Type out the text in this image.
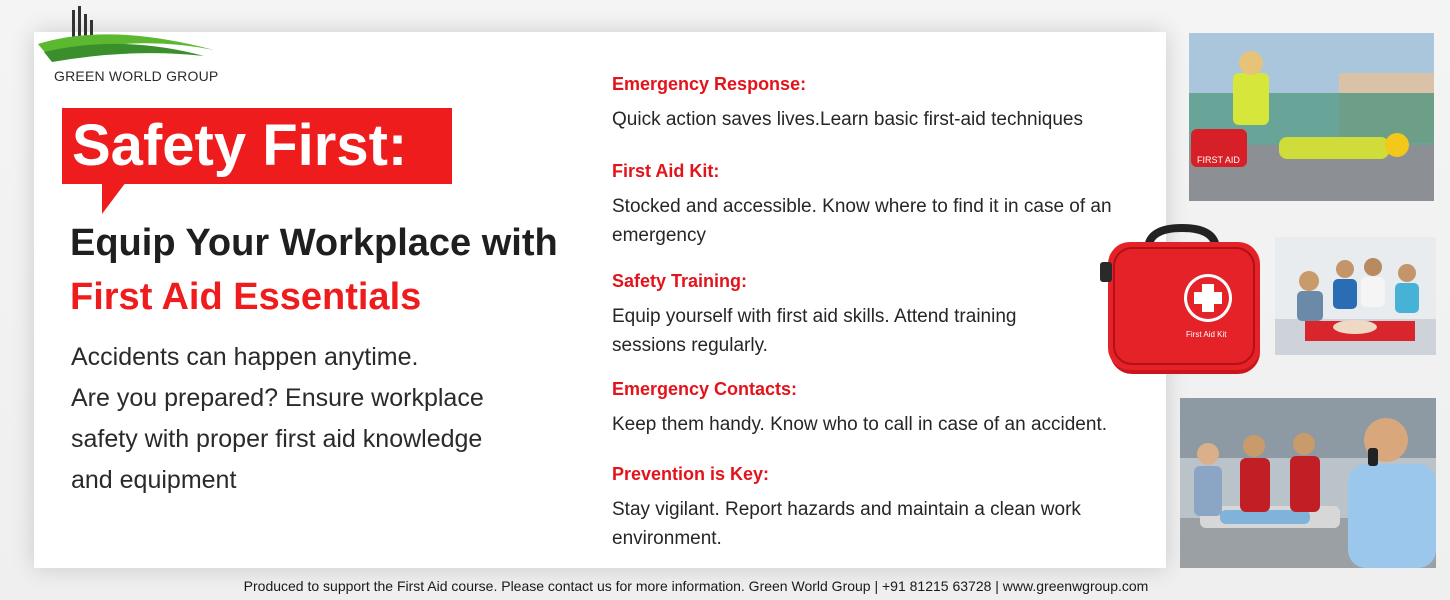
GREEN WORLD GROUP
Safety First:
Equip Your Workplace with
First Aid Essentials
Accidents can happen anytime.
Are you prepared? Ensure workplace
safety with proper first aid knowledge
and equipment
Emergency Response:
Quick action saves lives.Learn basic first-aid techniques
First Aid Kit:
Stocked and accessible. Know where to find it in case of an emergency
Safety Training:
Equip yourself with first aid skills. Attend training sessions regularly.
Emergency Contacts:
Keep them handy. Know who to call in case of an accident.
Prevention is Key:
Stay vigilant. Report hazards and maintain a clean work environment.
First Aid Kit
FIRST AID
Produced to support the First Aid course. Please contact us for more information. Green World Group | +91 81215 63728 | www.greenwgroup.com
